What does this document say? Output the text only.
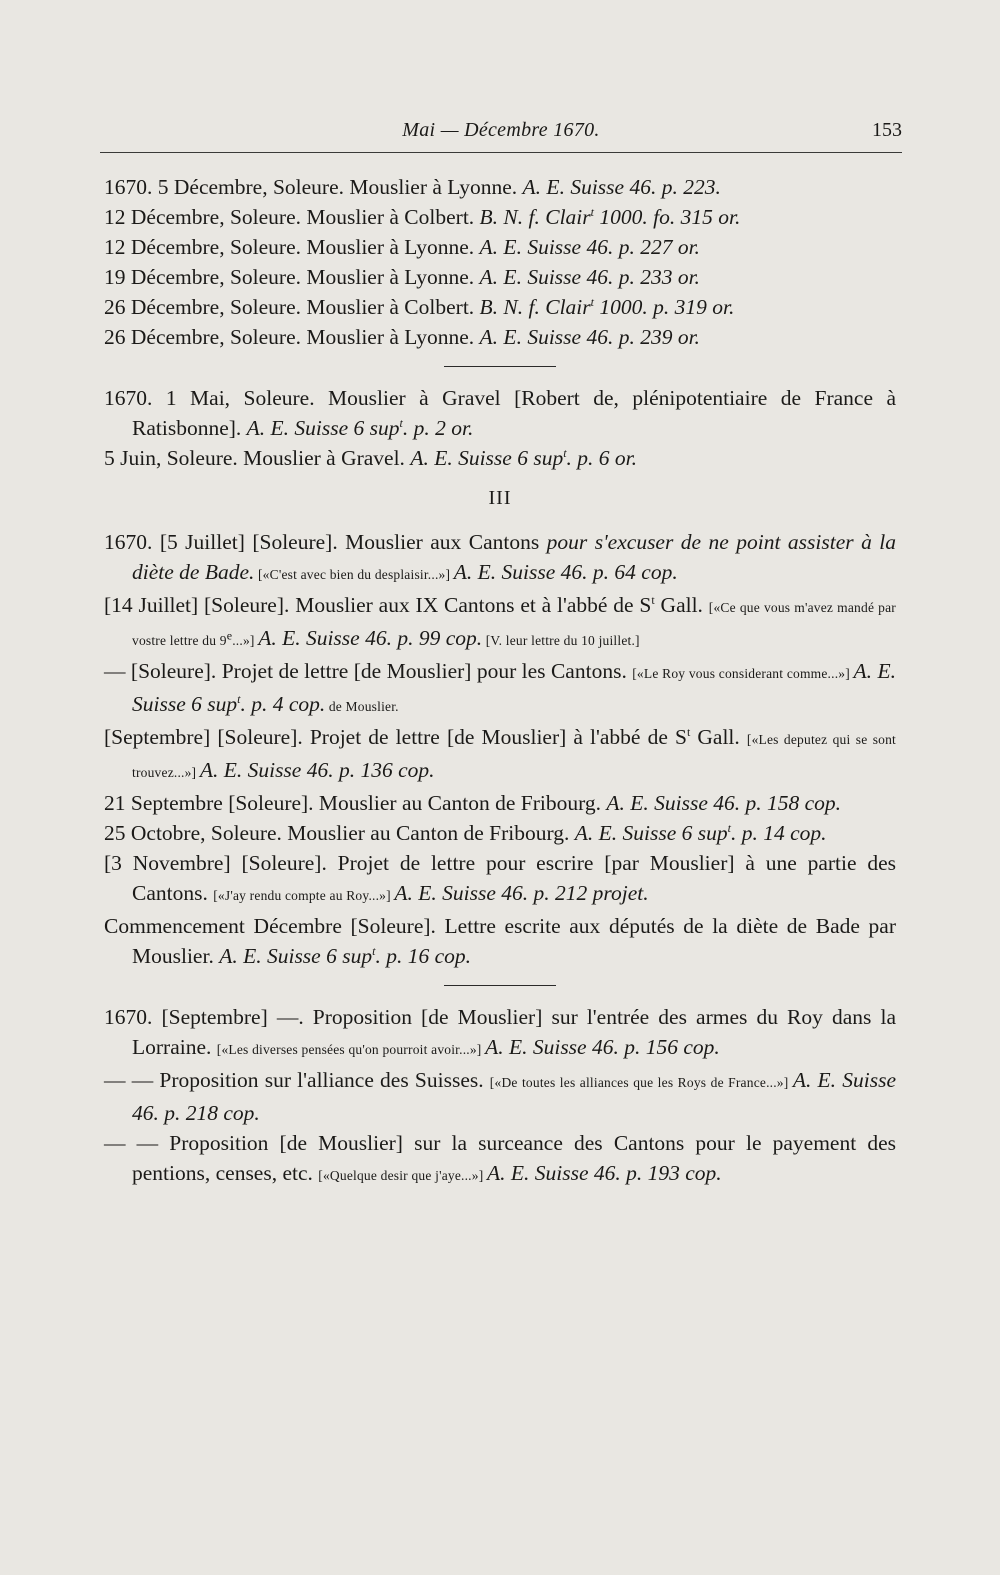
Mai — Décembre 1670.	153

1670. 5 Décembre, Soleure. Mouslier à Lyonne. A. E. Suisse 46. p. 223.

12 Décembre, Soleure. Mouslier à Colbert. B. N. f. Clair$^t$ 1000. fo. 315 or.

12 Décembre, Soleure. Mouslier à Lyonne. A. E. Suisse 46. p. 227 or.

19 Décembre, Soleure. Mouslier à Lyonne. A. E. Suisse 46. p. 233 or.

26 Décembre, Soleure. Mouslier à Colbert. B. N. f. Clair$^t$ 1000. p. 319 or.

26 Décembre, Soleure. Mouslier à Lyonne. A. E. Suisse 46. p. 239 or.

1670. 1 Mai, Soleure. Mouslier à Gravel [Robert de, plénipotentiaire de France à Ratisbonne]. A. E. Suisse 6 sup$^t$. p. 2 or.

5 Juin, Soleure. Mouslier à Gravel. A. E. Suisse 6 sup$^t$. p. 6 or.

III

1670. [5 Juillet] [Soleure]. Mouslier aux Cantons pour s'excuser de ne point assister à la diète de Bade. [«C'est avec bien du desplaisir...»] A. E. Suisse 46. p. 64 cop.

[14 Juillet] [Soleure]. Mouslier aux IX Cantons et à l'abbé de $S^t$ Gall. [«Ce que vous m'avez mandé par vostre lettre du 9e...»] A. E. Suisse 46. p. 99 cop. [V. leur lettre du 10 juillet.]

— [Soleure]. Projet de lettre [de Mouslier] pour les Cantons. [«Le Roy vous considerant comme...»] A. E. Suisse 6 sup$^t$. p. 4 cop. de Mouslier.

[Septembre] [Soleure]. Projet de lettre [de Mouslier] à l'abbé de $S^t$ Gall. [«Les deputez qui se sont trouvez...»] A. E. Suisse 46. p. 136 cop.

21 Septembre [Soleure]. Mouslier au Canton de Fribourg. A. E. Suisse 46. p. 158 cop.

25 Octobre, Soleure. Mouslier au Canton de Fribourg. A. E. Suisse 6 sup$^t$. p. 14 cop.

[3 Novembre] [Soleure]. Projet de lettre pour escrire [par Mouslier] à une partie des Cantons. [«J'ay rendu compte au Roy...»] A. E. Suisse 46. p. 212 projet.

Commencement Décembre [Soleure]. Lettre escrite aux députés de la diète de Bade par Mouslier. A. E. Suisse 6 sup$^t$. p. 16 cop.

1670. [Septembre] —. Proposition [de Mouslier] sur l'entrée des armes du Roy dans la Lorraine. [«Les diverses pensées qu'on pourroit avoir...»] A. E. Suisse 46. p. 156 cop.

— — Proposition sur l'alliance des Suisses. [«De toutes les alliances que les Roys de France...»] A. E. Suisse 46. p. 218 cop.

— — Proposition [de Mouslier] sur la surceance des Cantons pour le payement des pentions, censes, etc. [«Quelque desir que j'aye...»] A. E. Suisse 46. p. 193 cop.
